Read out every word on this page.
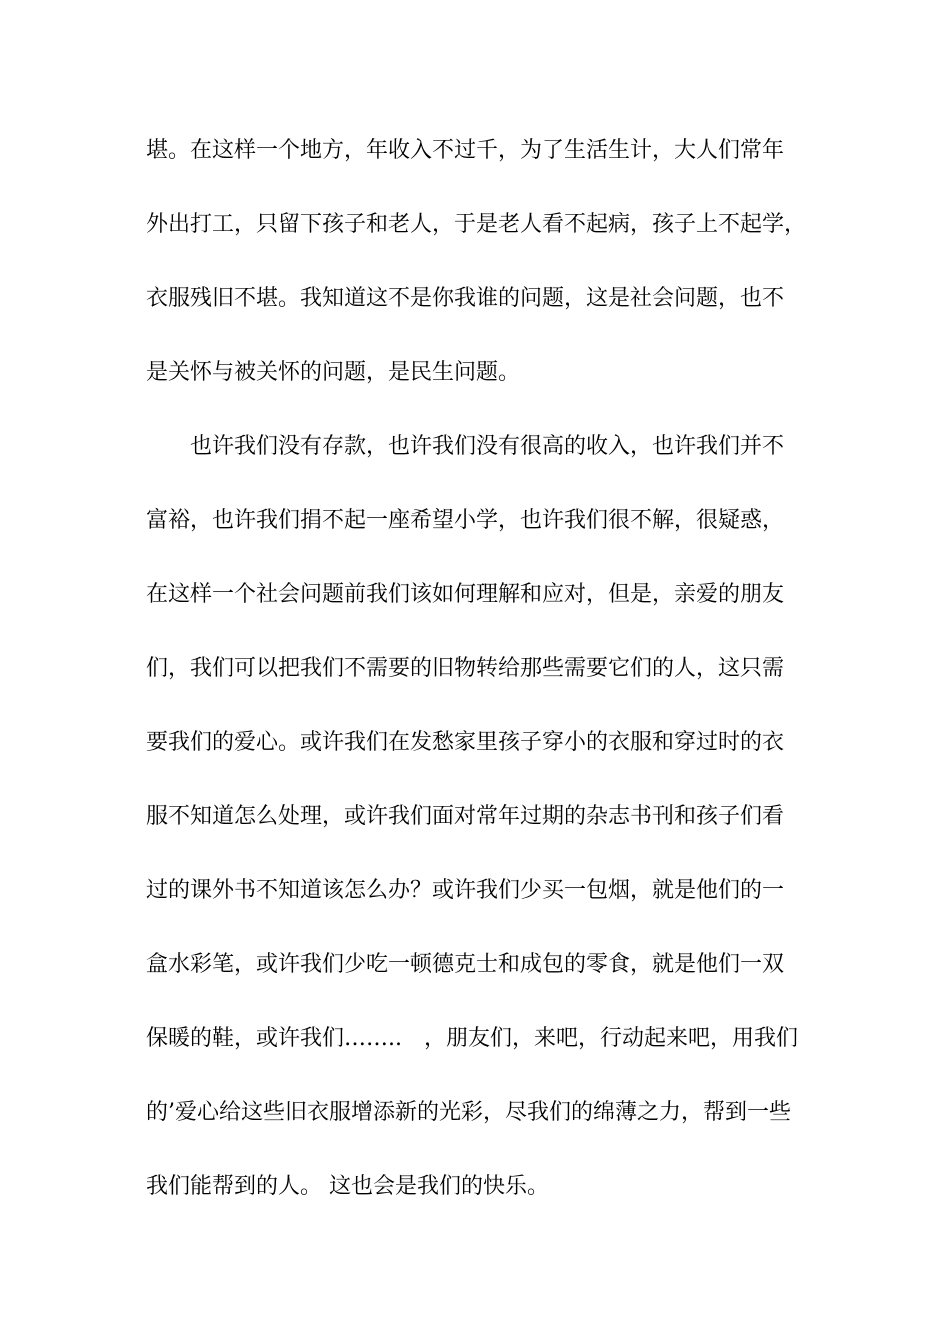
堪。在这样一个地方，年收入不过千，为了生活生计，大人们常年
外出打工，只留下孩子和老人，于是老人看不起病，孩子上不起学，
衣服残旧不堪。我知道这不是你我谁的问题，这是社会问题，也不
是关怀与被关怀的问题，是民生问题。
也许我们没有存款，也许我们没有很高的收入，也许我们并不
富裕，也许我们捐不起一座希望小学，也许我们很不解，很疑惑，
在这样一个社会问题前我们该如何理解和应对，但是，亲爱的朋友
们，我们可以把我们不需要的旧物转给那些需要它们的人，这只需
要我们的爱心。或许我们在发愁家里孩子穿小的衣服和穿过时的衣
服不知道怎么处理，或许我们面对常年过期的杂志书刊和孩子们看
过的课外书不知道该怎么办？或许我们少买一包烟，就是他们的一
盒水彩笔，或许我们少吃一顿德克士和成包的零食，就是他们一双
保暖的鞋，或许我们……..　，朋友们，来吧，行动起来吧，用我们
的’爱心给这些旧衣服增添新的光彩，尽我们的绵薄之力，帮到一些
我们能帮到的人。 这也会是我们的快乐。
